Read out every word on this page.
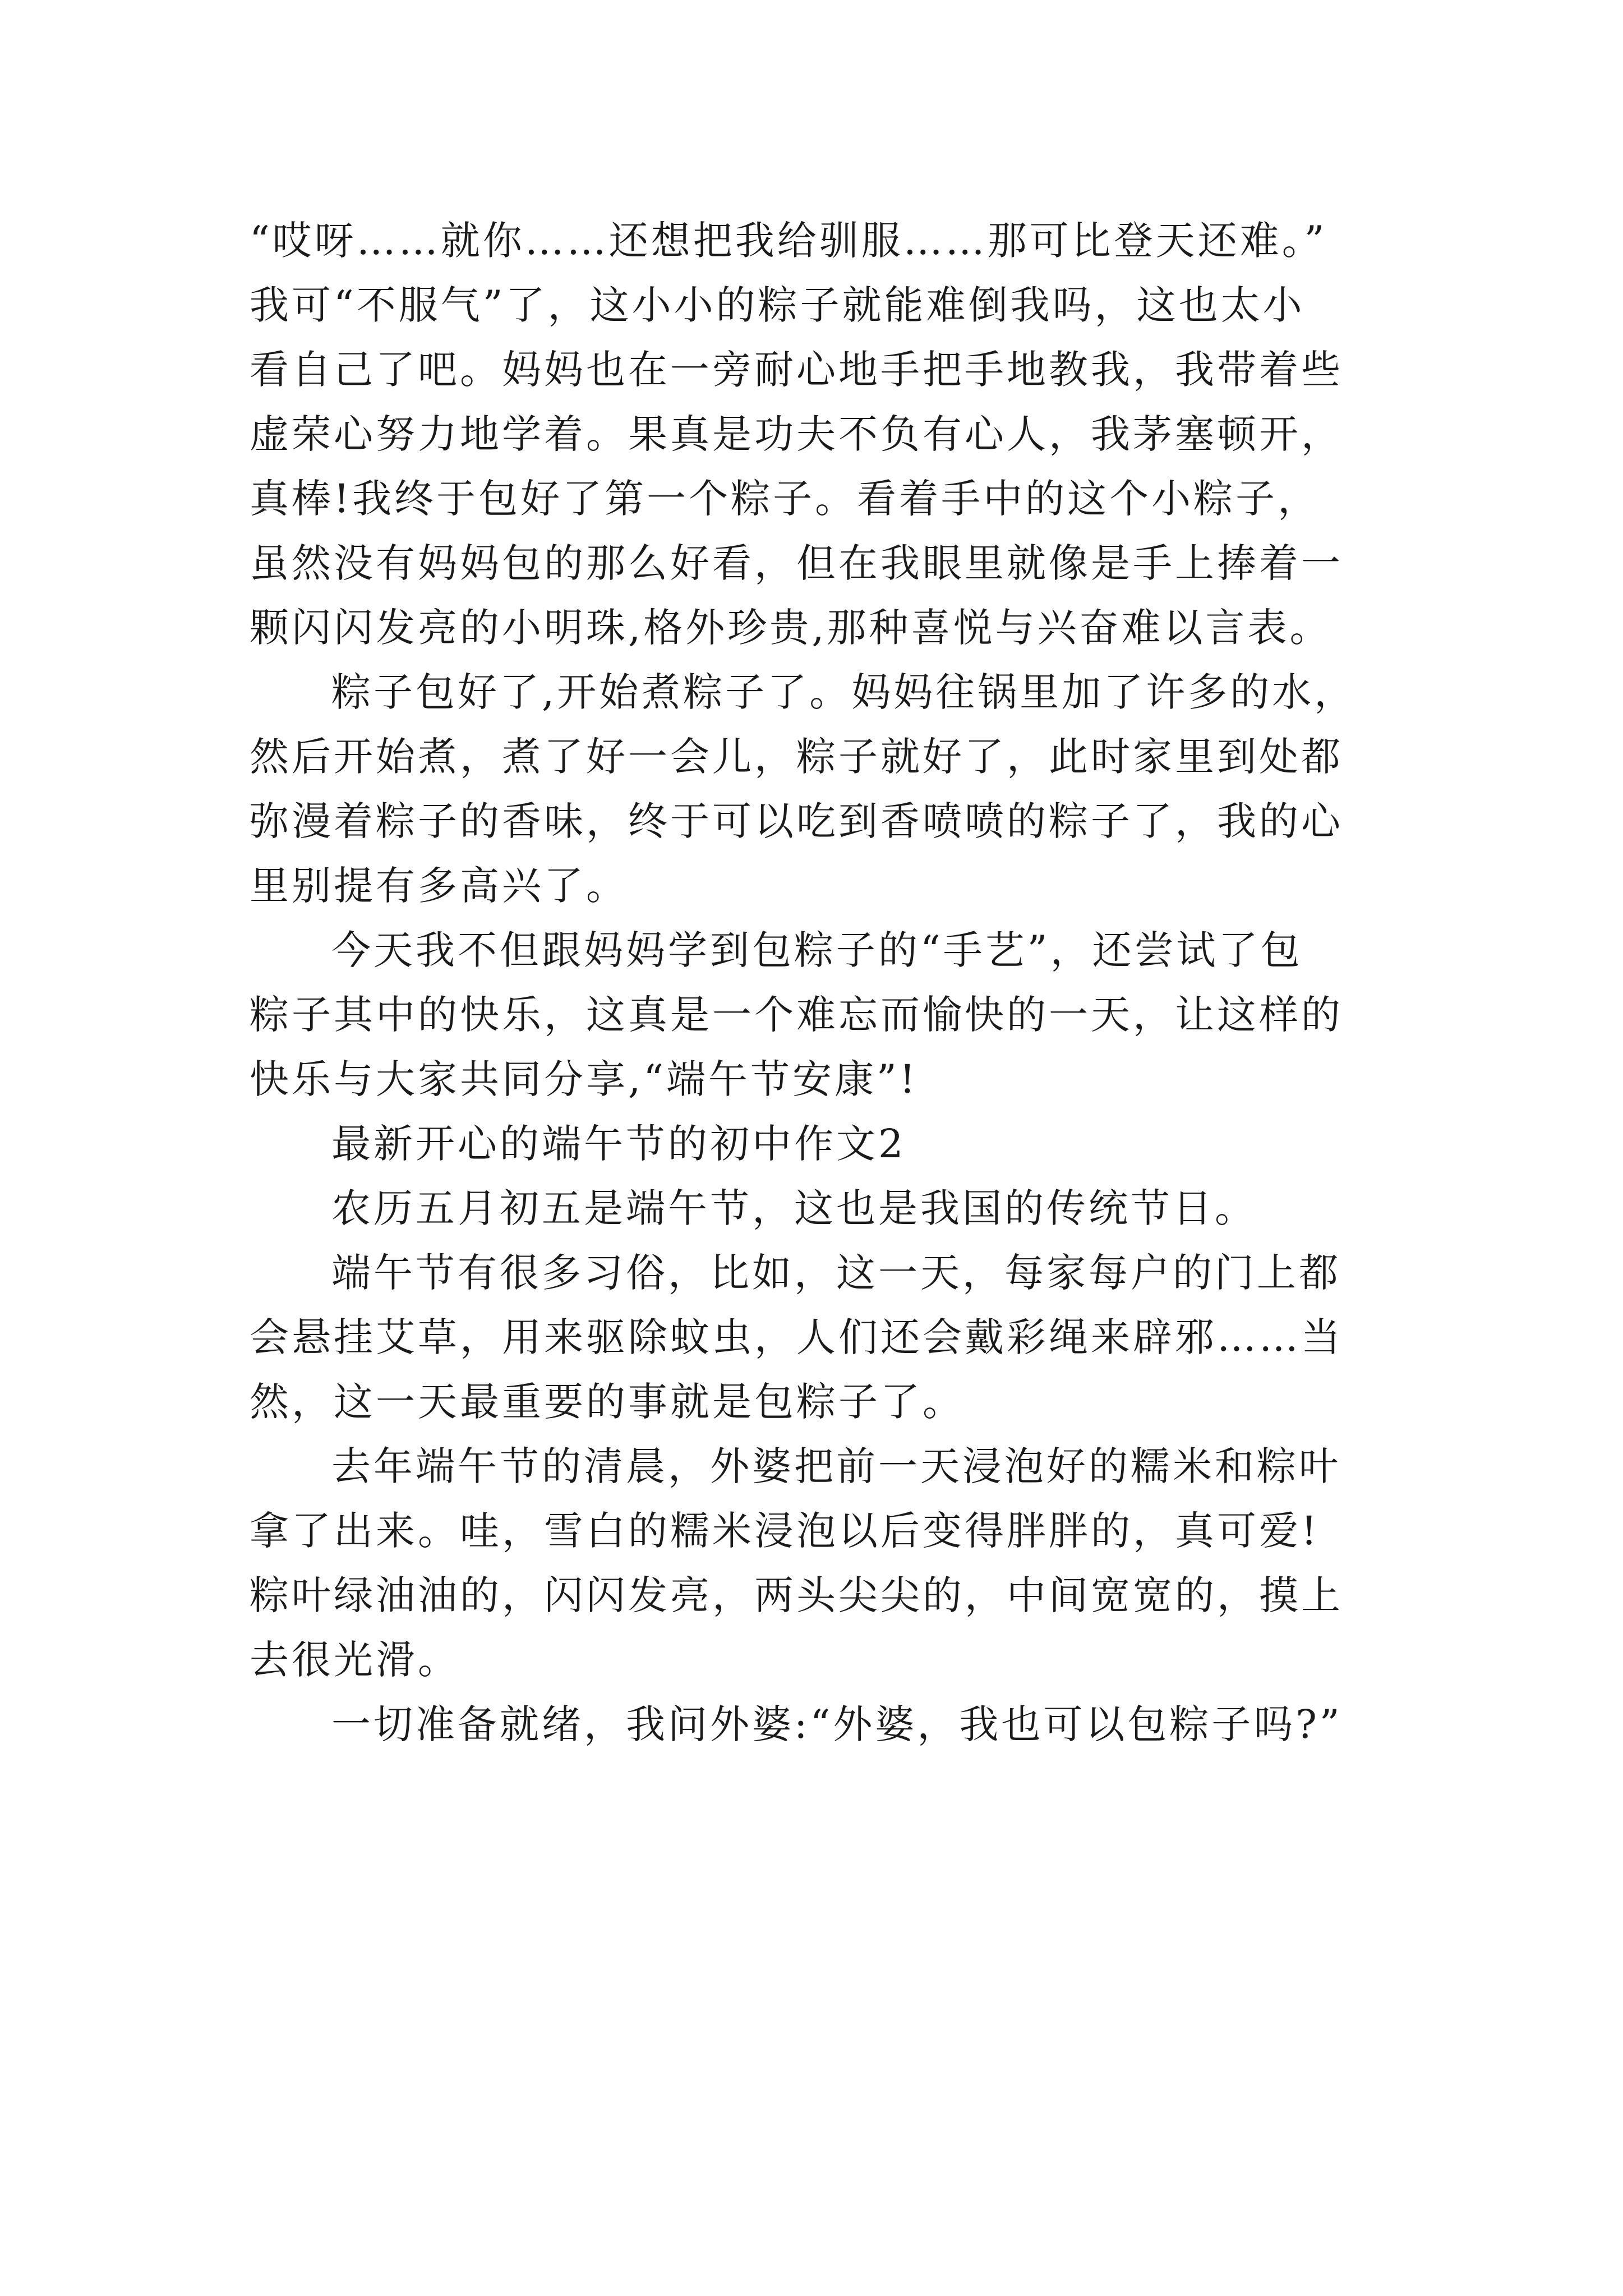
“哎呀……就你……还想把我给驯服……那可比登天还难。”
我可“不服气”了，这小小的粽子就能难倒我吗，这也太小
看自己了吧。妈妈也在一旁耐心地手把手地教我，我带着些
虚荣心努力地学着。果真是功夫不负有心人，我茅塞顿开，
真棒!我终于包好了第一个粽子。看着手中的这个小粽子，
虽然没有妈妈包的那么好看，但在我眼里就像是手上捧着一
颗闪闪发亮的小明珠,格外珍贵,那种喜悦与兴奋难以言表。
粽子包好了,开始煮粽子了。妈妈往锅里加了许多的水，
然后开始煮，煮了好一会儿，粽子就好了，此时家里到处都
弥漫着粽子的香味，终于可以吃到香喷喷的粽子了，我的心
里别提有多高兴了。
今天我不但跟妈妈学到包粽子的“手艺”，还尝试了包
粽子其中的快乐，这真是一个难忘而愉快的一天，让这样的
快乐与大家共同分享,“端午节安康”!
最新开心的端午节的初中作文2
农历五月初五是端午节，这也是我国的传统节日。
端午节有很多习俗，比如，这一天，每家每户的门上都
会悬挂艾草，用来驱除蚊虫，人们还会戴彩绳来辟邪……当
然，这一天最重要的事就是包粽子了。
去年端午节的清晨，外婆把前一天浸泡好的糯米和粽叶
拿了出来。哇，雪白的糯米浸泡以后变得胖胖的，真可爱!
粽叶绿油油的，闪闪发亮，两头尖尖的，中间宽宽的，摸上
去很光滑。
一切准备就绪，我问外婆:“外婆，我也可以包粽子吗?”
